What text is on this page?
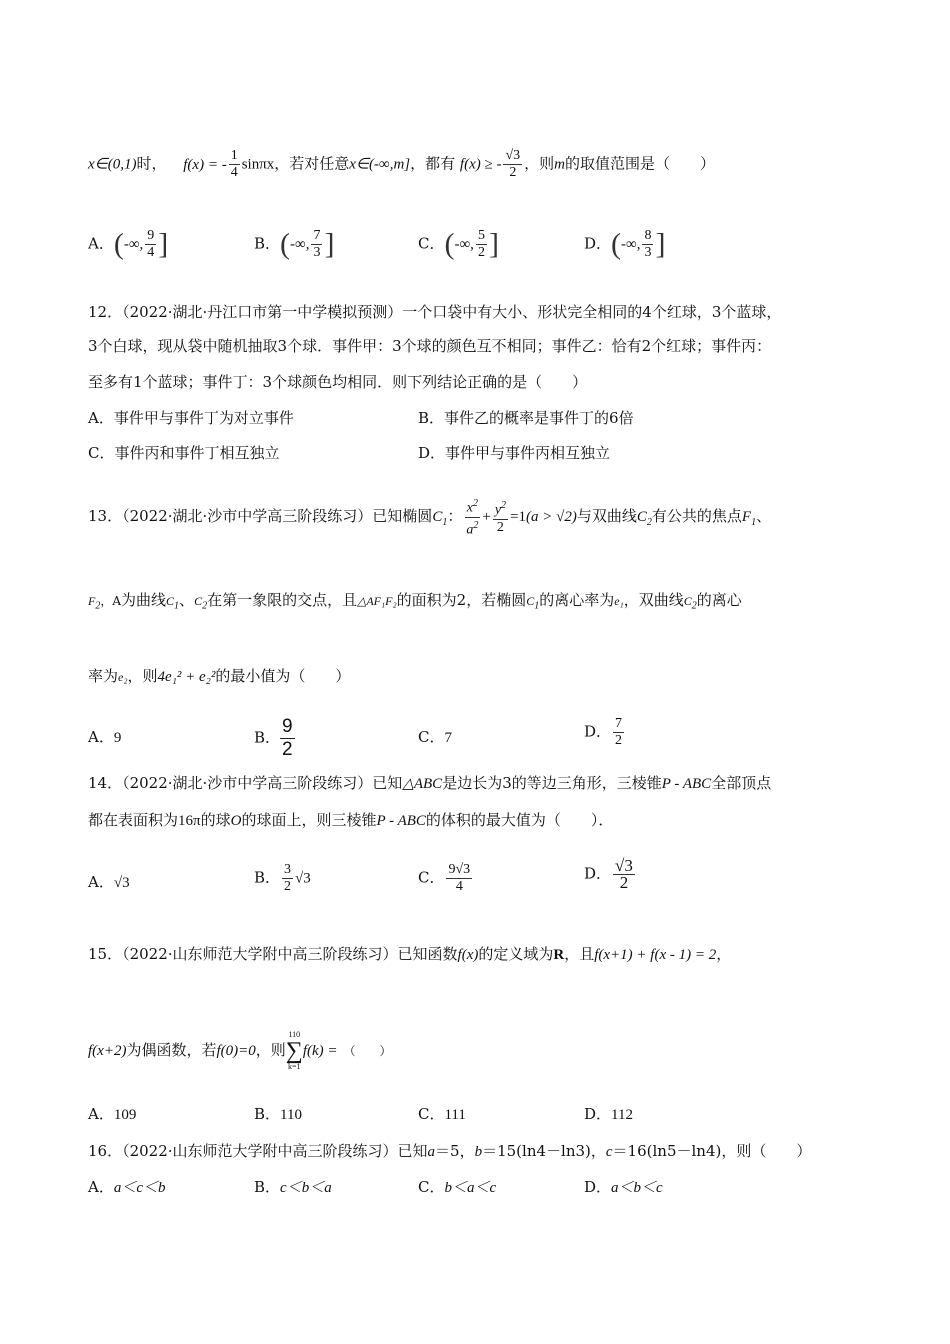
x∈(0,1)时， f(x) = - $\frac{1}{4}$ sinπx，若对任意x∈(-∞,m]，都有 f(x) ≥ - $\frac{√3}{2}$ ，则m的取值范围是（　　）
A．(-∞, $\frac{9}{4}$ ]	B．(-∞, $\frac{7}{3}$ ]	C．(-∞, $\frac{5}{2}$ ]	D．(-∞, $\frac{8}{3}$ ]
12．（2022·湖北·丹江口市第一中学模拟预测）一个口袋中有大小、形状完全相同的4个红球，3个蓝球，
3个白球，现从袋中随机抽取3个球．事件甲：3个球的颜色互不相同；事件乙：恰有2个红球；事件丙：
至多有1个蓝球；事件丁：3个球颜色均相同．则下列结论正确的是（　　）
A．事件甲与事件丁为对立事件	B．事件乙的概率是事件丁的6倍
C．事件丙和事件丁相互独立	D．事件甲与事件丙相互独立
13．（2022·湖北·沙市中学高三阶段练习）已知椭圆$C_1$： $\frac{x^2}{a^2} + \frac{y^2}{2} =1(a > √2)$与双曲线$C_2$有公共的焦点$F_1$、
$F_2$，A为曲线$C_1$、$C_2$在第一象限的交点，且△AF₁F₂的面积为2，若椭圆$C_1$的离心率为e₁，双曲线$C_2$的离心
率为e₂，则4e₁² + e₂²的最小值为（　　）
A．9	B． $\frac{9}{2}$	C．7	D． $\frac{7}{2}$
14．（2022·湖北·沙市中学高三阶段练习）已知△ABC是边长为3的等边三角形，三棱锥P - ABC全部顶点
都在表面积为16π的球O的球面上，则三棱锥P - ABC的体积的最大值为（　　）．
A．√3	B． $\frac{3}{2} √3$	C． $\frac{9√3}{4}$	D． $\frac{√3}{2}$
15．（2022·山东师范大学附中高三阶段练习）已知函数f(x)的定义域为R，且f(x+1) + f(x - 1) = 2，
f(x+2)为偶函数，若f(0)=0，则
110
∑
k=1
f(k) = （　　）
A．109	B．110	C．111	D．112
16．（2022·山东师范大学附中高三阶段练习）已知a＝5，b＝15(ln4－ln3)，c＝16(ln5－ln4)，则（　　）
A．a＜c＜b	B．c＜b＜a	C．b＜a＜c	D．a＜b＜c
